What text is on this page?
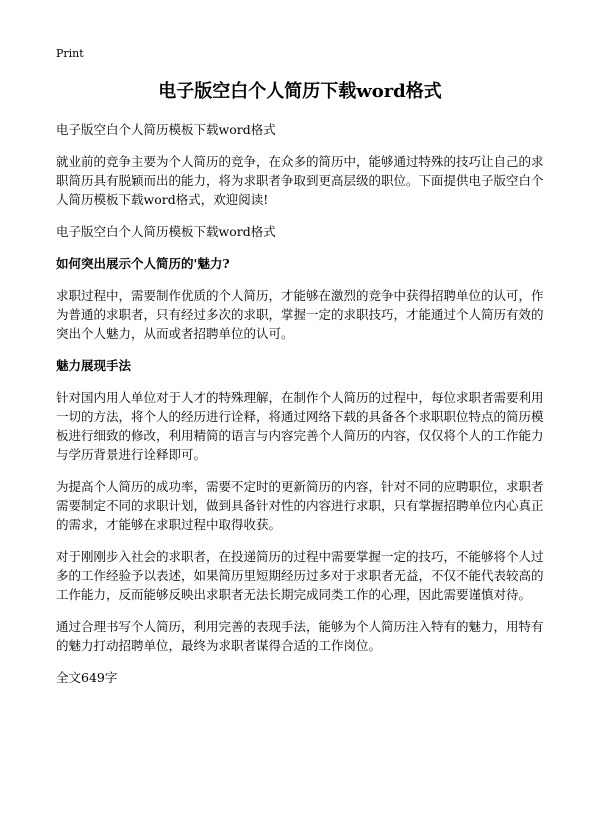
Print
电子版空白个人简历下载word格式

电子版空白个人简历模板下载word格式

就业前的竞争主要为个人简历的竞争，在众多的简历中，能够通过特殊的技巧让自己的求职简历具有脱颖而出的能力，将为求职者争取到更高层级的职位。下面提供电子版空白个人简历模板下载word格式，欢迎阅读!

电子版空白个人简历模板下载word格式

如何突出展示个人简历的'魅力?

求职过程中，需要制作优质的个人简历，才能够在激烈的竞争中获得招聘单位的认可，作为普通的求职者，只有经过多次的求职，掌握一定的求职技巧，才能通过个人简历有效的突出个人魅力，从而或者招聘单位的认可。

魅力展现手法

针对国内用人单位对于人才的特殊理解，在制作个人简历的过程中，每位求职者需要利用一切的方法，将个人的经历进行诠释，将通过网络下载的具备各个求职职位特点的简历模板进行细致的修改，利用精简的语言与内容完善个人简历的内容，仅仅将个人的工作能力与学历背景进行诠释即可。

为提高个人简历的成功率，需要不定时的更新简历的内容，针对不同的应聘职位，求职者需要制定不同的求职计划，做到具备针对性的内容进行求职，只有掌握招聘单位内心真正的需求，才能够在求职过程中取得收获。

对于刚刚步入社会的求职者，在投递简历的过程中需要掌握一定的技巧，不能够将个人过多的工作经验予以表述，如果简历里短期经历过多对于求职者无益，不仅不能代表较高的工作能力，反而能够反映出求职者无法长期完成同类工作的心理，因此需要谨慎对待。

通过合理书写个人简历，利用完善的表现手法，能够为个人简历注入特有的魅力，用特有的魅力打动招聘单位，最终为求职者谋得合适的工作岗位。

全文649字
